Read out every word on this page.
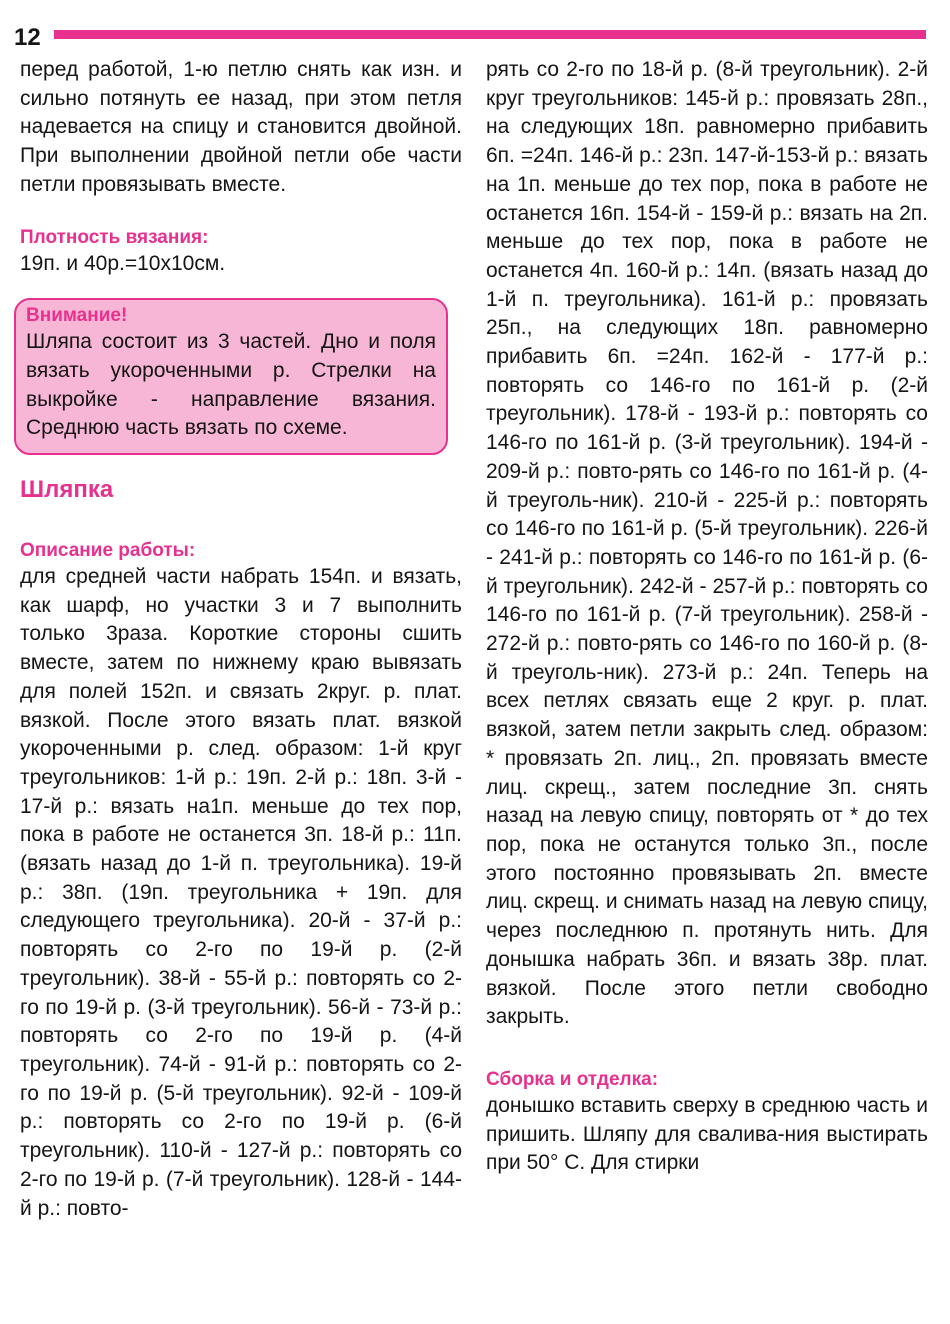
12

перед работой, 1-ю петлю снять как изн. и сильно потянуть ее назад, при этом петля надевается на спицу и становится двойной. При выполнении двойной петли обе части петли провязывать вместе.

Плотность вязания:

19п. и 40р.=10х10см.

Внимание!

Шляпа состоит из 3 частей. Дно и поля вязать укороченными р. Стрелки на выкройке - направление вязания. Среднюю часть вязать по схеме.

Шляпка

Описание работы:

для средней части набрать 154п. и вязать, как шарф, но участки 3 и 7 выполнить только 3раза. Короткие стороны сшить вместе, затем по нижнему краю вывязать для полей 152п. и связать 2круг. р. плат. вязкой. После этого вязать плат. вязкой укороченными р. след. образом: 1-й круг треугольников: 1-й р.: 19п. 2-й р.: 18п. 3-й - 17-й р.: вязать на1п. меньше до тех пор, пока в работе не останется 3п. 18-й р.: 11п. (вязать назад до 1-й п. треугольника). 19-й р.: 38п. (19п. треугольника + 19п. для следующего треугольника). 20-й - 37-й р.: повторять со 2-го по 19-й р. (2-й треугольник). 38-й - 55-й р.: повторять со 2-го по 19-й р. (3-й треугольник). 56-й - 73-й р.: повторять со 2-го по 19-й р. (4-й треугольник). 74-й - 91-й р.: повторять со 2-го по 19-й р. (5-й треугольник). 92-й - 109-й р.: повторять со 2-го по 19-й р. (6-й треугольник). 110-й - 127-й р.: повторять со 2-го по 19-й р. (7-й треугольник). 128-й - 144-й р.: повто-

рять со 2-го по 18-й р. (8-й треугольник). 2-й круг треугольников: 145-й р.: провязать 28п., на следующих 18п. равномерно прибавить 6п. =24п. 146-й р.: 23п. 147-й-153-й р.: вязать на 1п. меньше до тех пор, пока в работе не останется 16п. 154-й - 159-й р.: вязать на 2п. меньше до тех пор, пока в работе не останется 4п. 160-й р.: 14п. (вязать назад до 1-й п. треугольника). 161-й р.: провязать 25п., на следующих 18п. равномерно прибавить 6п. =24п. 162-й - 177-й р.: повторять со 146-го по 161-й р. (2-й треугольник). 178-й - 193-й р.: повторять со 146-го по 161-й р. (3-й треугольник). 194-й - 209-й р.: повто-рять со 146-го по 161-й р. (4-й треуголь-ник). 210-й - 225-й р.: повторять со 146-го по 161-й р. (5-й треугольник). 226-й - 241-й р.: повторять со 146-го по 161-й р. (6-й треугольник). 242-й - 257-й р.: повторять со 146-го по 161-й р. (7-й треугольник). 258-й - 272-й р.: повто-рять со 146-го по 160-й р. (8-й треуголь-ник). 273-й р.: 24п. Теперь на всех петлях связать еще 2 круг. р. плат. вязкой, затем петли закрыть след. образом: * провязать 2п. лиц., 2п. провязать вместе лиц. скрещ., затем последние 3п. снять назад на левую спицу, повторять от * до тех пор, пока не останутся только 3п., после этого постоянно провязывать 2п. вместе лиц. скрещ. и снимать назад на левую спицу, через последнюю п. протянуть нить. Для донышка набрать 36п. и вязать 38р. плат. вязкой. После этого петли свободно закрыть.

Сборка и отделка:

донышко вставить сверху в среднюю часть и пришить. Шляпу для свалива-ния выстирать при 50° С. Для стирки
